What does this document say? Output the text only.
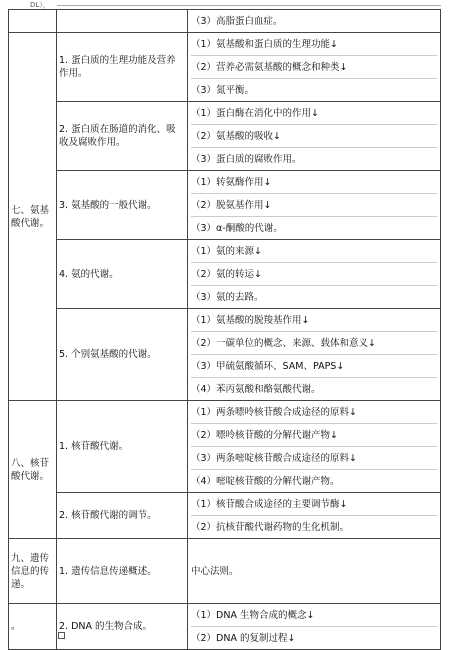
DL），

（3）高脂蛋白血症。

七、氨基酸代谢。	1. 蛋白质的生理功能及营养作用。	（1）氨基酸和蛋白质的生理功能↓
（2）营养必需氨基酸的概念和种类↓
（3）氮平衡。

	2. 蛋白质在肠道的消化、吸收及腐败作用。	（1）蛋白酶在消化中的作用↓
（2）氨基酸的吸收↓
（3）蛋白质的腐败作用。

	3. 氨基酸的一般代谢。	（1）转氨酶作用↓
（2）脱氨基作用↓
（3）α-酮酸的代谢。

	4. 氨的代谢。	（1）氨的来源↓
（2）氨的转运↓
（3）氨的去路。

	5. 个别氨基酸的代谢。	（1）氨基酸的脱羧基作用↓
（2）一碳单位的概念、来源、载体和意义↓
（3）甲硫氨酸循环、SAM、PAPS↓
（4）苯丙氨酸和酪氨酸代谢。

八、核苷酸代谢。	1. 核苷酸代谢。	（1）两条嘌呤核苷酸合成途径的原料↓
（2）嘌呤核苷酸的分解代谢产物↓
（3）两条嘧啶核苷酸合成途径的原料↓
（4）嘧啶核苷酸的分解代谢产物。

	2. 核苷酸代谢的调节。	（1）核苷酸合成途径的主要调节酶↓
（2）抗核苷酸代谢药物的生化机制。

九、遗传信息的传递。	1. 遗传信息传递概述。	中心法则。

。	2. DNA 的生物合成。	（1）DNA 生物合成的概念↓
（2）DNA 的复制过程↓
